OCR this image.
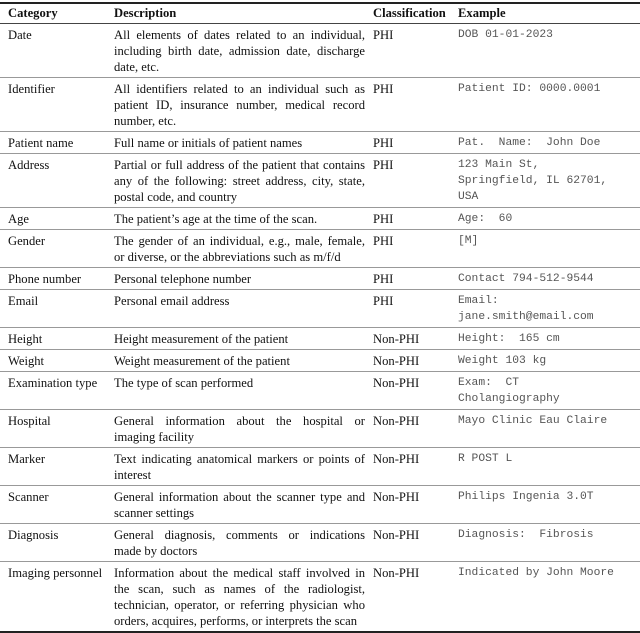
Category	Description	Classification	Example
Date	All elements of dates related to an individual, including birth date, admission date, discharge date, etc.	PHI	DOB 01-01-2023
Identifier	All identifiers related to an individual such as patient ID, insurance number, medical record number, etc.	PHI	Patient ID: 0000.0001
Patient name	Full name or initials of patient names	PHI	Pat.  Name:  John Doe
Address	Partial or full address of the patient that contains any of the following: street address, city, state, postal code, and country	PHI	123 Main St,
Springfield, IL 62701,
USA
Age	The patient’s age at the time of the scan.	PHI	Age:  60
Gender	The gender of an individual, e.g., male, female, or diverse, or the abbreviations such as m/f/d	PHI	[M]
Phone number	Personal telephone number	PHI	Contact 794-512-9544
Email	Personal email address	PHI	Email:
jane.smith@email.com
Height	Height measurement of the patient	Non-PHI	Height:  165 cm
Weight	Weight measurement of the patient	Non-PHI	Weight 103 kg
Examination type	The type of scan performed	Non-PHI	Exam:  CT
Cholangiography
Hospital	General information about the hospital or imaging facility	Non-PHI	Mayo Clinic Eau Claire
Marker	Text indicating anatomical markers or points of interest	Non-PHI	R POST L
Scanner	General information about the scanner type and scanner settings	Non-PHI	Philips Ingenia 3.0T
Diagnosis	General diagnosis, comments or indications made by doctors	Non-PHI	Diagnosis:  Fibrosis
Imaging personnel	Information about the medical staff involved in the scan, such as names of the radiologist, technician, operator, or referring physician who orders, acquires, performs, or interprets the scan	Non-PHI	Indicated by John Moore
